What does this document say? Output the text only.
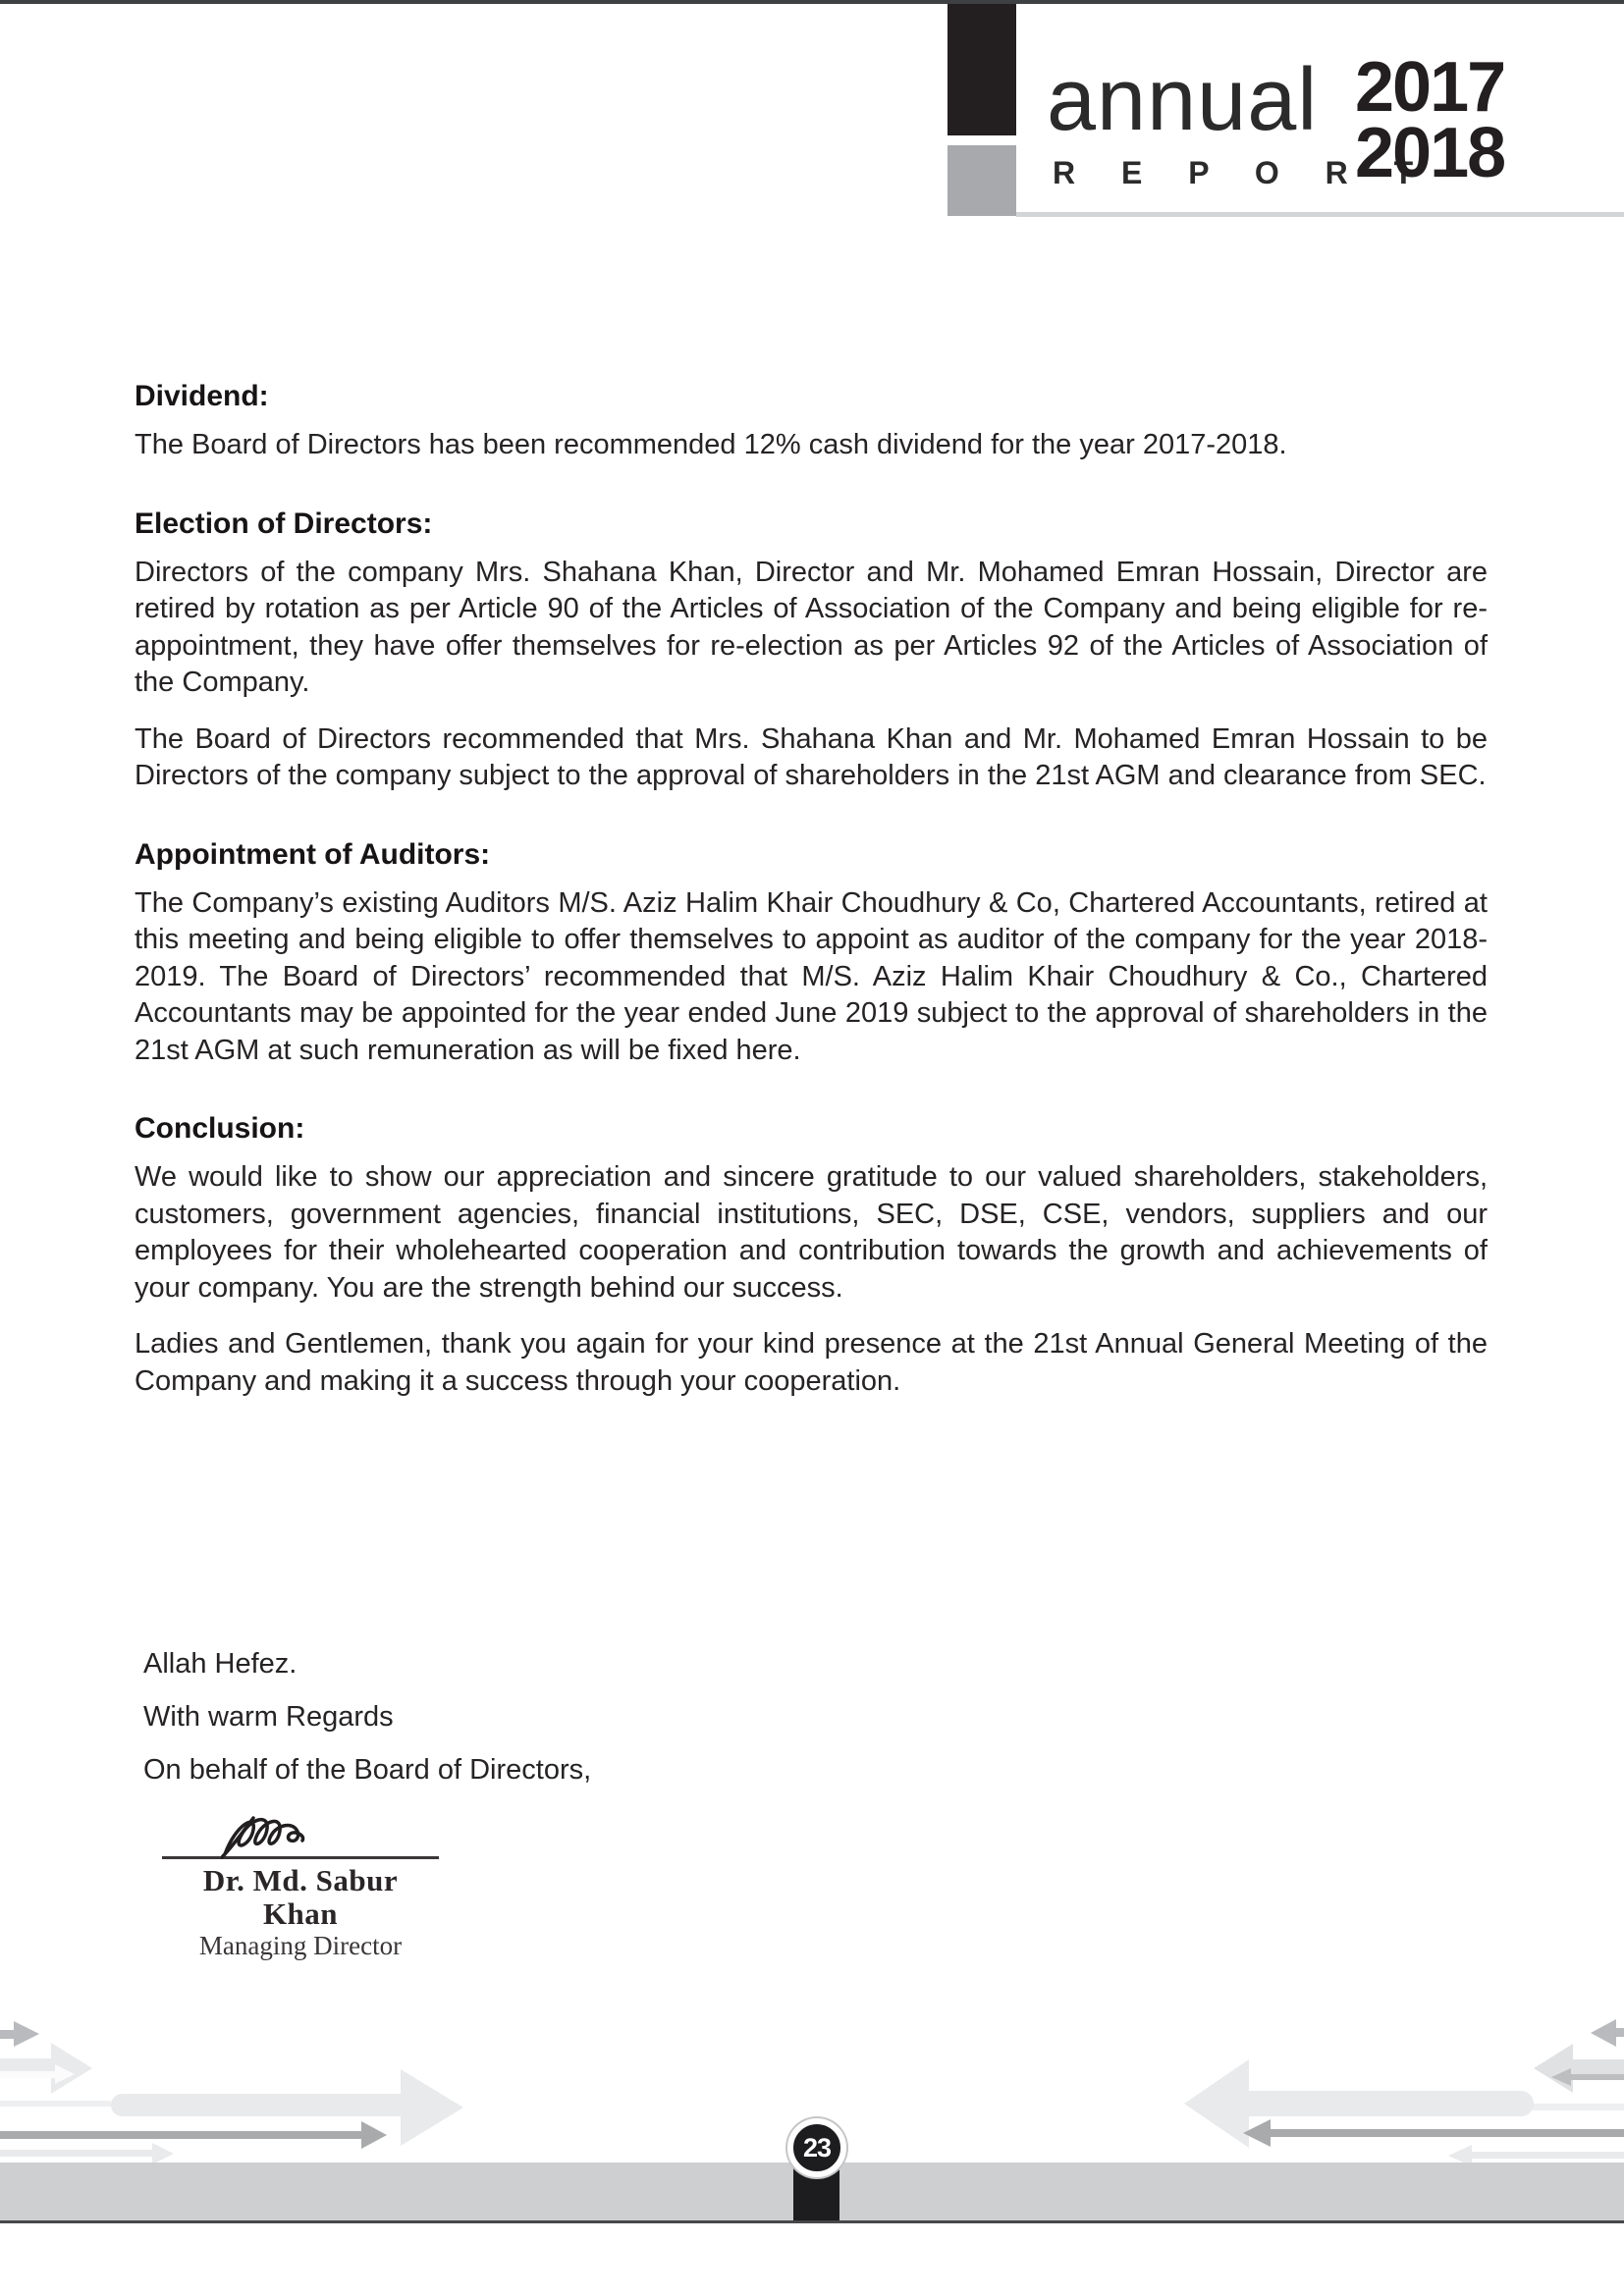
annual
R E P O R T
2017
2018
Dividend:

The Board of Directors has been recommended 12% cash dividend for the year 2017-2018.

Election of Directors:

Directors of the company Mrs. Shahana Khan, Director and Mr. Mohamed Emran Hossain, Director are retired by rotation as per Article 90 of the Articles of Association of the Company and being eligible for re-appointment, they have offer themselves for re-election as per Articles 92 of the Articles of Association of the Company.

The Board of Directors recommended that Mrs. Shahana Khan and Mr. Mohamed Emran Hossain to be Directors of the company subject to the approval of shareholders in the 21st AGM and clearance from SEC.

Appointment of Auditors:

The Company’s existing Auditors M/S. Aziz Halim Khair Choudhury & Co, Chartered Accountants, retired at this meeting and being eligible to offer themselves to appoint as auditor of the company for the year 2018-2019. The Board of Directors’ recommended that M/S. Aziz Halim Khair Choudhury & Co., Chartered Accountants may be appointed for the year ended June 2019 subject to the approval of shareholders in the 21st AGM at such remuneration as will be fixed here.

Conclusion:

We would like to show our appreciation and sincere gratitude to our valued shareholders, stakeholders, customers, government agencies, financial institutions, SEC, DSE, CSE, vendors, suppliers and our employees for their wholehearted cooperation and contribution towards the growth and achievements of your company. You are the strength behind our success.

Ladies and Gentlemen, thank you again for your kind presence at the 21st Annual General Meeting of the Company and making it a success through your cooperation.

Allah Hefez.
With warm Regards
On behalf of the Board of Directors,
Dr. Md. Sabur Khan
Managing Director
23
